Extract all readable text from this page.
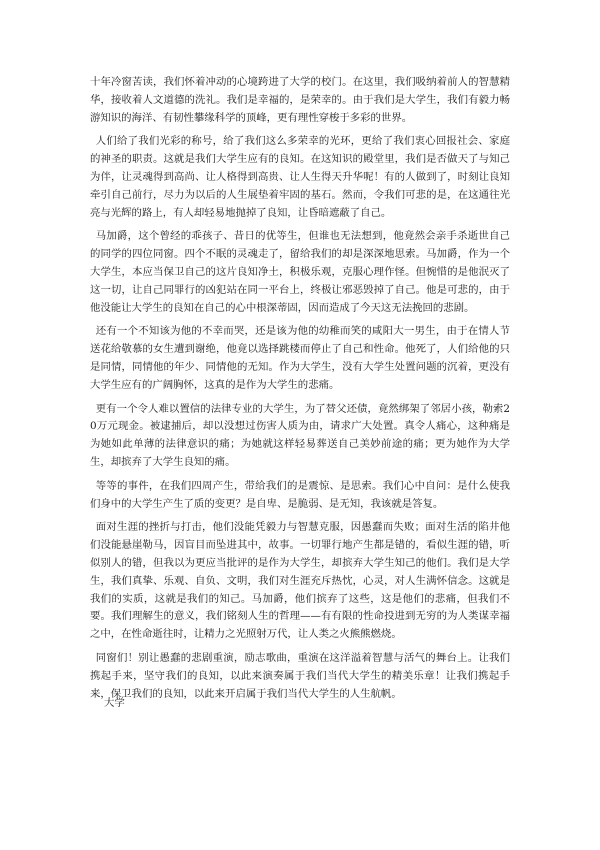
十年冷窗苦读，我们怀着冲动的心境跨进了大学的校门。在这里，我们吸纳着前人的智慧精华，接收着人文道德的洗礼。我们是幸福的，是荣幸的。由于我们是大学生，我们有毅力畅游知识的海洋、有韧性攀缘科学的顶峰，更有理性穿梭于多彩的世界。

人们给了我们光彩的称号，给了我们这么多荣幸的光环，更给了我们衷心回报社会、家庭的神圣的职责。这就是我们大学生应有的良知。在这知识的殿堂里，我们是否做天了与知己为伴，让灵魂得到高尚、让人格得到高贵、让人生得天升华呢！有的人做到了，时刻让良知牵引自己前行，尽力为以后的人生展垫着牢固的基石。然而，令我们可悲的是，在这通往光亮与光辉的路上，有人却轻易地抛掉了良知，让昏暗遮蔽了自己。

马加爵，这个曾经的乖孩子、昔日的优等生，但谁也无法想到，他竟然会亲手杀逝世自己的同学的四位同窗。四个不眠的灵魂走了，留给我们的却是深深地思索。马加爵，作为一个大学生，本应当保卫自己的这片良知净土，积极乐观，克服心理作怪。但惋惜的是他泯灭了这一切，让自己同罪行的凶犯站在同一平台上，终极让邪恶毁掉了自己。他是可悲的，由于他没能让大学生的良知在自己的心中根深蒂固，因而造成了今天这无法挽回的悲剧。

还有一个不知该为他的不幸而哭，还是该为他的幼稚而笑的咸阳大一男生，由于在情人节送花给敬慕的女生遭到谢绝，他竟以选择跳楼而停止了自己和性命。他死了，人们给他的只是同情，同情他的年少、同情他的无知。作为大学生，没有大学生处置问题的沉着，更没有大学生应有的广阔胸怀，这真的是作为大学生的悲痛。

更有一个令人难以置信的法律专业的大学生，为了替父还债，竟然绑架了邻居小孩，勒索20万元现金。被逮捕后，却以没想过伤害人质为由，请求广大处置。真令人痛心，这种痛是为她如此单薄的法律意识的痛；为她就这样轻易葬送自己美妙前途的痛；更为她作为大学生，却摈弃了大学生良知的痛。

等等的事件，在我们四周产生，带给我们的是震惊、是思索。我们心中自问：是什么使我们身中的大学生产生了质的变更？是自卑、是脆弱、是无知，我该就是答复。

面对生涯的挫折与打击，他们没能凭毅力与智慧克服，因愚蠢而失败；面对生活的陷井他们没能悬崖勒马，因盲目而坠进其中，故事。一切罪行地产生都是错的，看似生涯的错，听似别人的错，但我以为更应当批评的是作为大学生，却摈弃大学生知己的他们。我们是大学生，我们真挚、乐观、自负、文明，我们对生涯充斥热忱，心灵，对人生满怀信念。这就是我们的实质，这就是我们的知己。马加爵，他们摈弃了这些，这是他们的悲痛，但我们不要。我们理解生的意义，我们铭刻人生的哲理——有有限的性命投进到无穷的为人类谋幸福之中，在性命逝往时，让精力之光照射万代，让人类之火熊熊燃烧。

同窗们！别让愚蠢的悲剧重演，励志歌曲，重演在这洋溢着智慧与活气的舞台上。让我们携起手来，坚守我们的良知，以此来演奏属于我们当代大学生的精美乐章！让我们携起手来，保卫我们的良知，以此来开启属于我们当代大学生的人生航帆。

大学
